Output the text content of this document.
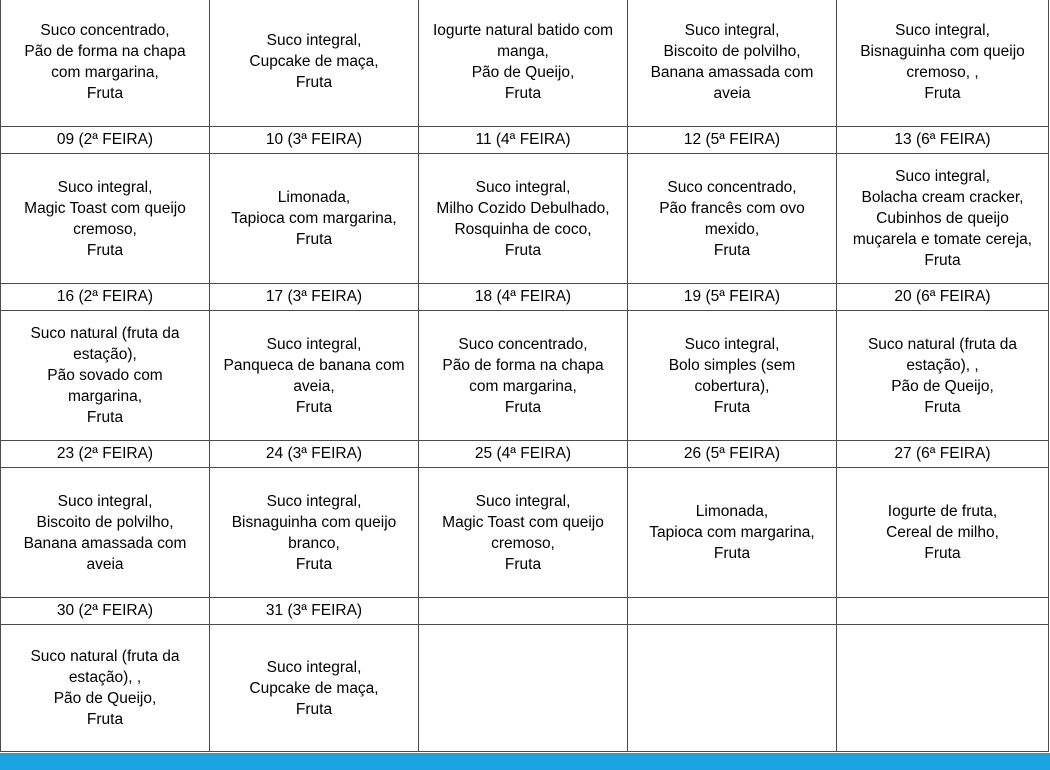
Suco concentrado,
Pão de forma na chapa
com margarina,
Fruta	Suco integral,
Cupcake de maça,
Fruta	Iogurte natural batido com
manga,
Pão de Queijo,
Fruta	Suco integral,
Biscoito de polvilho,
Banana amassada com
aveia	Suco integral,
Bisnaguinha com queijo
cremoso, ,
Fruta
09 (2ª FEIRA)	10 (3ª FEIRA)	11 (4ª FEIRA)	12 (5ª FEIRA)	13 (6ª FEIRA)
Suco integral,
Magic Toast com queijo
cremoso,
Fruta	Limonada,
Tapioca com margarina,
Fruta	Suco integral,
Milho Cozido Debulhado,
Rosquinha de coco,
Fruta	Suco concentrado,
Pão francês com ovo
mexido,
Fruta	Suco integral,
Bolacha cream cracker,
Cubinhos de queijo
muçarela e tomate cereja,
Fruta
16 (2ª FEIRA)	17 (3ª FEIRA)	18 (4ª FEIRA)	19 (5ª FEIRA)	20 (6ª FEIRA)
Suco natural (fruta da
estação),
Pão sovado com
margarina,
Fruta	Suco integral,
Panqueca de banana com
aveia,
Fruta	Suco concentrado,
Pão de forma na chapa
com margarina,
Fruta	Suco integral,
Bolo simples (sem
cobertura),
Fruta	Suco natural (fruta da
estação), ,
Pão de Queijo,
Fruta
23 (2ª FEIRA)	24 (3ª FEIRA)	25 (4ª FEIRA)	26 (5ª FEIRA)	27 (6ª FEIRA)
Suco integral,
Biscoito de polvilho,
Banana amassada com
aveia	Suco integral,
Bisnaguinha com queijo
branco,
Fruta	Suco integral,
Magic Toast com queijo
cremoso,
Fruta	Limonada,
Tapioca com margarina,
Fruta	Iogurte de fruta,
Cereal de milho,
Fruta
30 (2ª FEIRA)	31 (3ª FEIRA)			
Suco natural (fruta da
estação), ,
Pão de Queijo,
Fruta	Suco integral,
Cupcake de maça,
Fruta			
